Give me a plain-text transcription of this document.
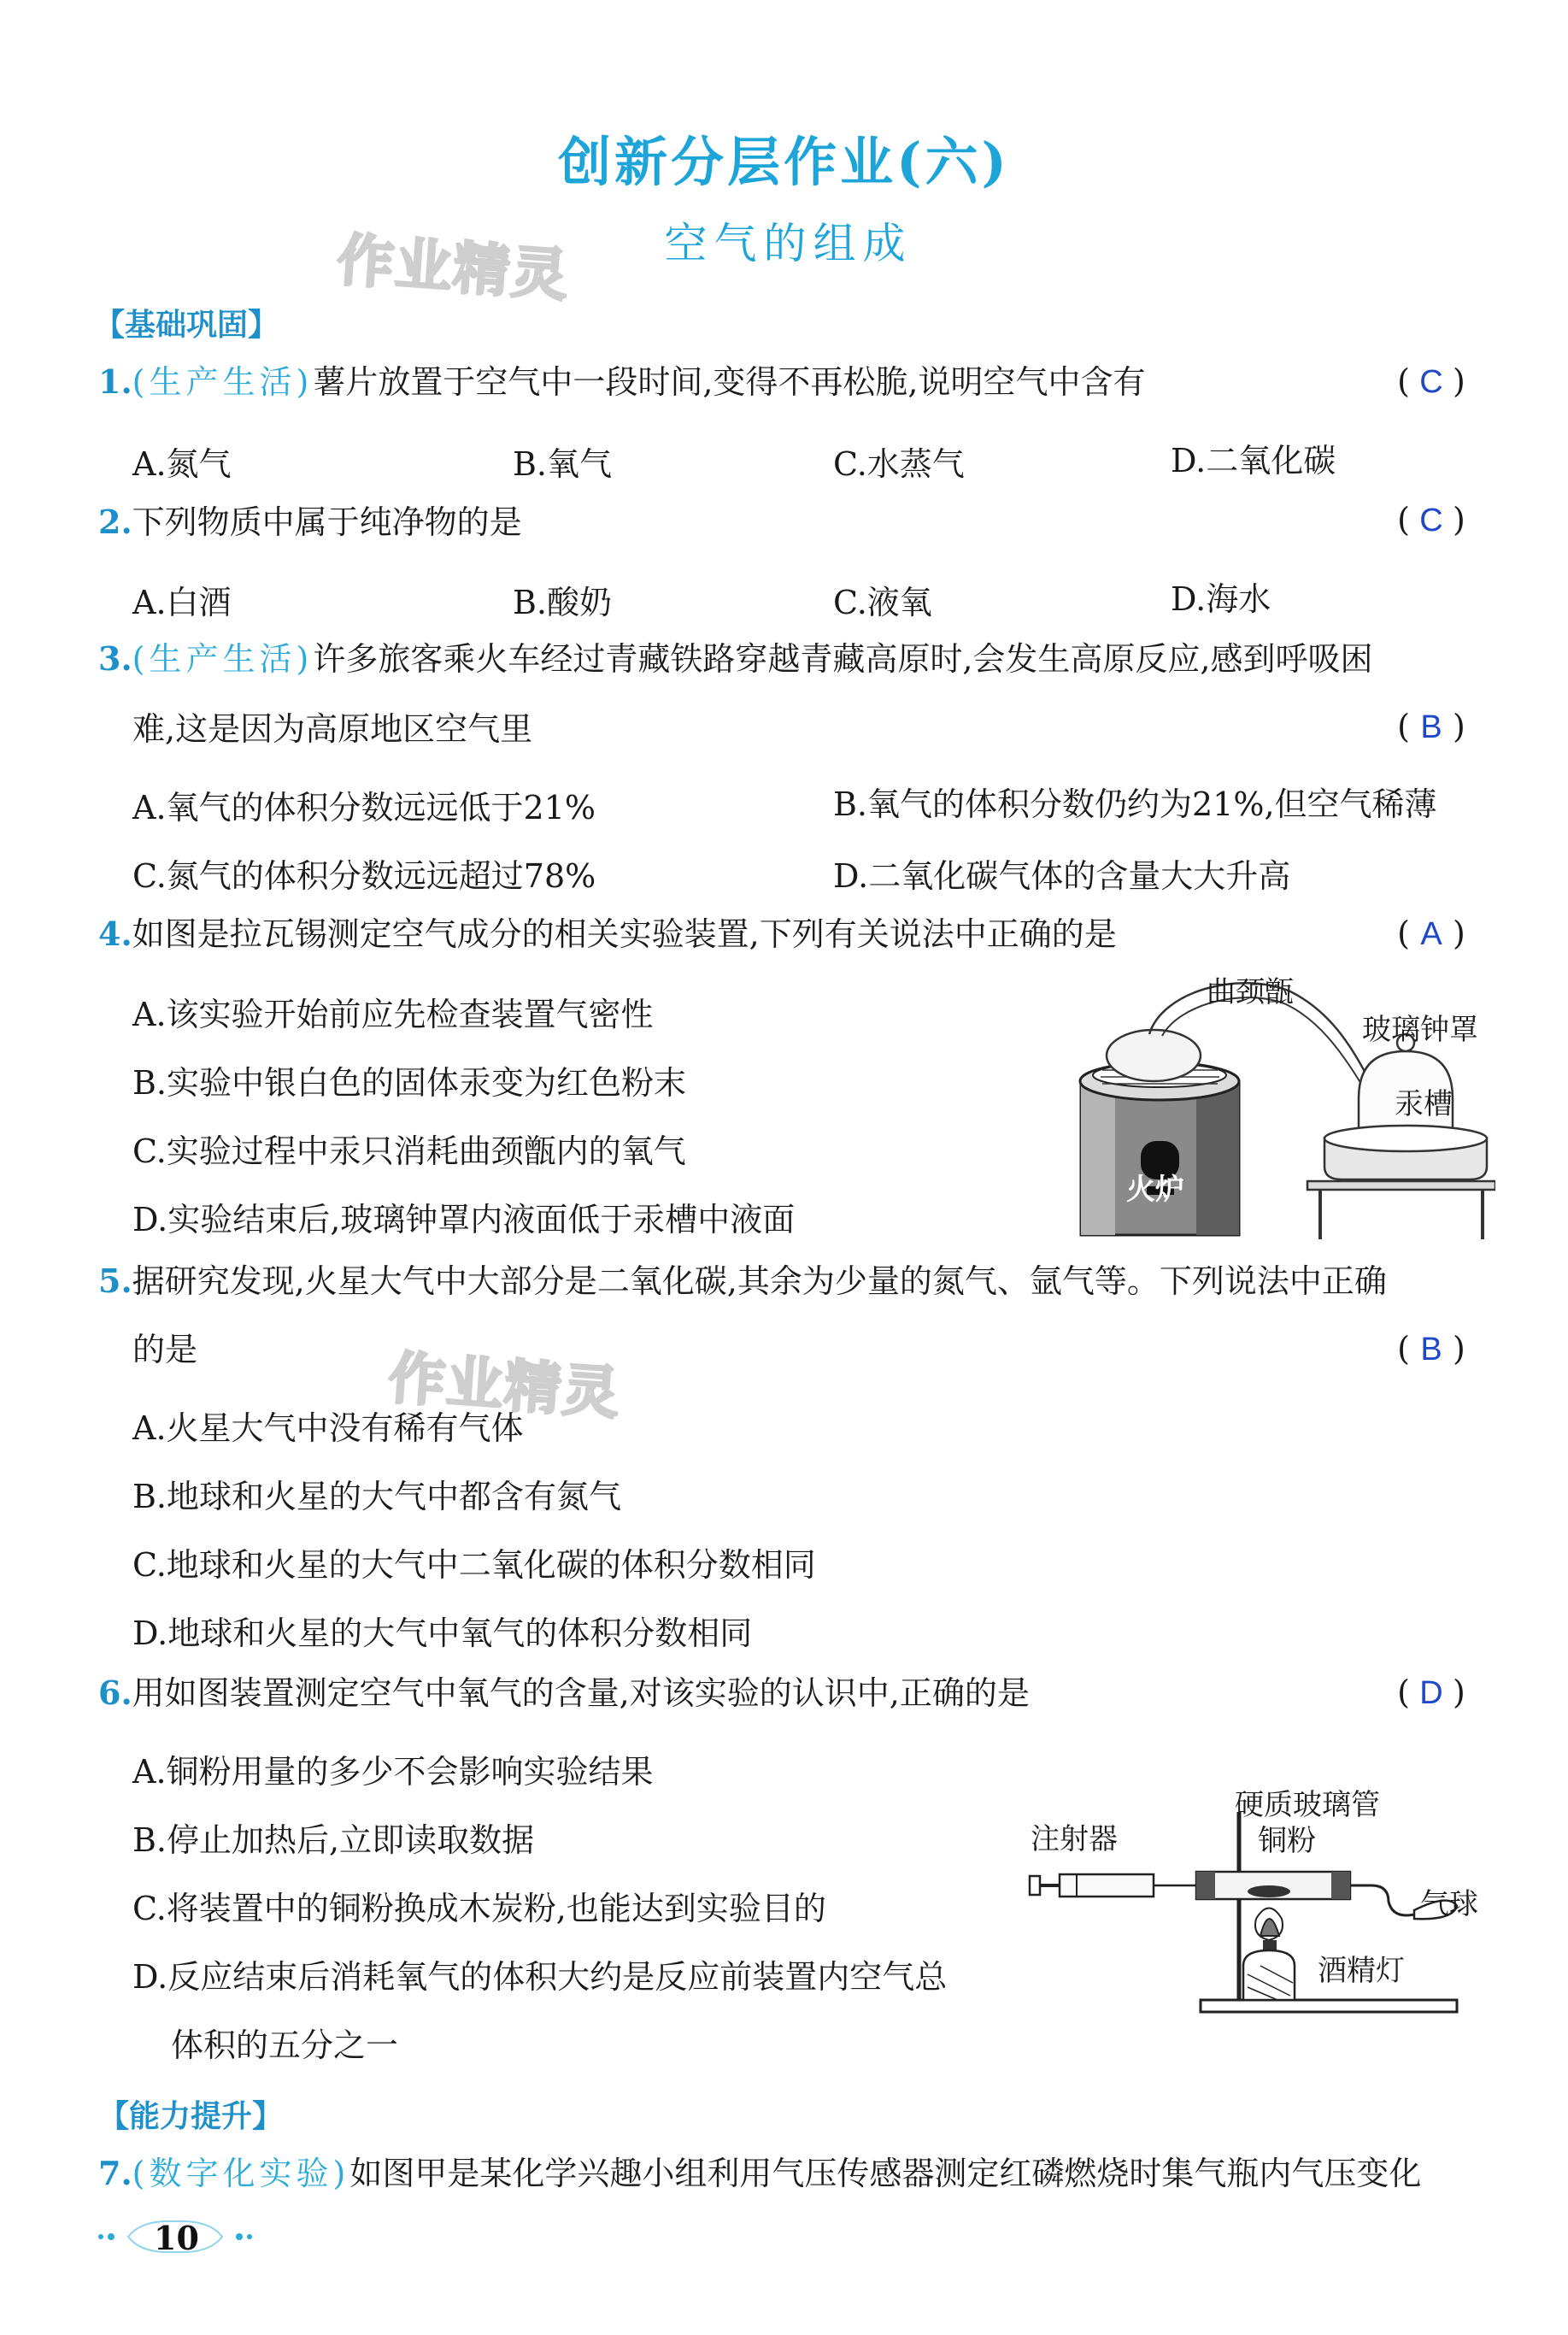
创新分层作业(六)
空气的组成
作业精灵
作业精灵
【基础巩固】
1.(生产生活)薯片放置于空气中一段时间,变得不再松脆,说明空气中含有	( C )
A.氮气	B.氧气	C.水蒸气	D.二氧化碳
2.下列物质中属于纯净物的是	( C )
A.白酒	B.酸奶	C.液氧	D.海水
3.(生产生活)许多旅客乘火车经过青藏铁路穿越青藏高原时,会发生高原反应,感到呼吸困
难,这是因为高原地区空气里	( B )
A.氧气的体积分数远远低于21%	B.氧气的体积分数仍约为21%,但空气稀薄
C.氮气的体积分数远远超过78%	D.二氧化碳气体的含量大大升高
4.如图是拉瓦锡测定空气成分的相关实验装置,下列有关说法中正确的是	( A )
A.该实验开始前应先检查装置气密性
B.实验中银白色的固体汞变为红色粉末
C.实验过程中汞只消耗曲颈甑内的氧气
D.实验结束后,玻璃钟罩内液面低于汞槽中液面
曲颈甑
玻璃钟罩
汞槽
火炉
5.据研究发现,火星大气中大部分是二氧化碳,其余为少量的氮气、氩气等。下列说法中正确
的是	( B )
A.火星大气中没有稀有气体
B.地球和火星的大气中都含有氮气
C.地球和火星的大气中二氧化碳的体积分数相同
D.地球和火星的大气中氧气的体积分数相同
6.用如图装置测定空气中氧气的含量,对该实验的认识中,正确的是	( D )
A.铜粉用量的多少不会影响实验结果
B.停止加热后,立即读取数据
C.将装置中的铜粉换成木炭粉,也能达到实验目的
D.反应结束后消耗氧气的体积大约是反应前装置内空气总
体积的五分之一
硬质玻璃管
铜粉
注射器
气球
酒精灯
【能力提升】
7.(数字化实验)如图甲是某化学兴趣小组利用气压传感器测定红磷燃烧时集气瓶内气压变化
10
